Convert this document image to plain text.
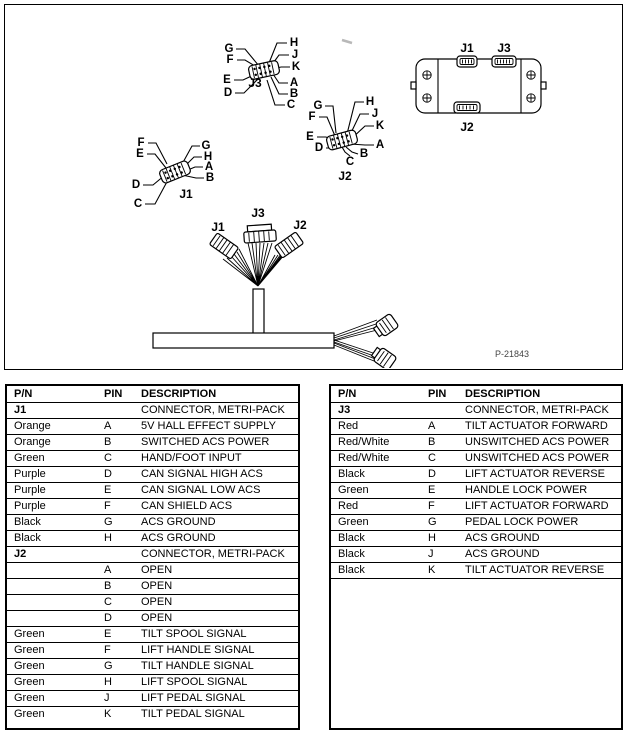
G
F
E
D
H
J
K
A
B
C
J3
G
F
E
D
C
H
J
K
A
B
J2
F
E
D
C
G
H
A
B
J1
J1 J3
J2
J1
J3
J2
P-21843
P/N	PIN	DESCRIPTION
J1		CONNECTOR, METRI-PACK
Orange	A	5V HALL EFFECT SUPPLY
Orange	B	SWITCHED ACS POWER
Green	C	HAND/FOOT INPUT
Purple	D	CAN SIGNAL HIGH ACS
Purple	E	CAN SIGNAL LOW ACS
Purple	F	CAN SHIELD ACS
Black	G	ACS GROUND
Black	H	ACS GROUND
J2		CONNECTOR, METRI-PACK
	A	OPEN
	B	OPEN
	C	OPEN
	D	OPEN
Green	E	TILT SPOOL SIGNAL
Green	F	LIFT HANDLE SIGNAL
Green	G	TILT HANDLE SIGNAL
Green	H	LIFT SPOOL SIGNAL
Green	J	LIFT PEDAL SIGNAL
Green	K	TILT PEDAL SIGNAL
P/N	PIN	DESCRIPTION
J3		CONNECTOR, METRI-PACK
Red	A	TILT ACTUATOR FORWARD
Red/White	B	UNSWITCHED ACS POWER
Red/White	C	UNSWITCHED ACS POWER
Black	D	LIFT ACTUATOR REVERSE
Green	E	HANDLE LOCK POWER
Red	F	LIFT ACTUATOR FORWARD
Green	G	PEDAL LOCK POWER
Black	H	ACS GROUND
Black	J	ACS GROUND
Black	K	TILT ACTUATOR REVERSE
